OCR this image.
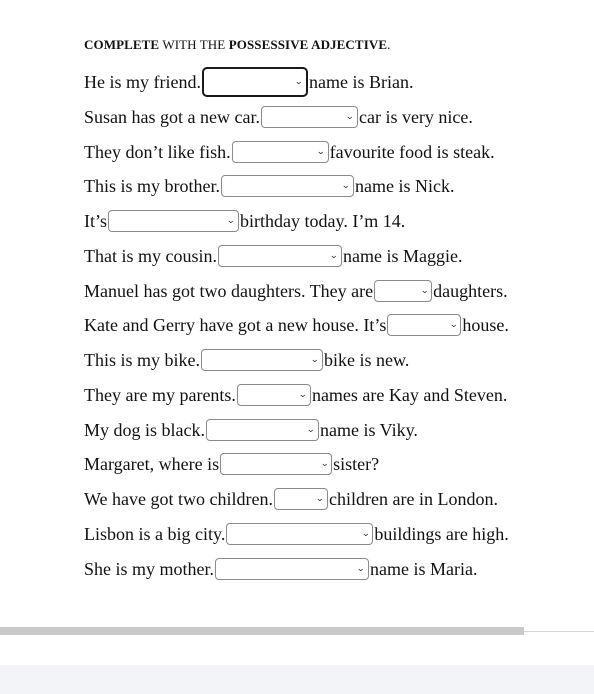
COMPLETE WITH THE POSSESSIVE ADJECTIVE.
He is my friend.	⌄ name is Brian.
Susan has got a new car.	⌄ car is very nice.
They don’t like fish.	⌄ favourite food is steak.
This is my brother.	⌄ name is Nick.
It’s	⌄ birthday today. I’m 14.
That is my cousin.	⌄ name is Maggie.
Manuel has got two daughters. They are	⌄ daughters.
Kate and Gerry have got a new house. It’s	⌄ house.
This is my bike.	⌄ bike is new.
They are my parents.	⌄ names are Kay and Steven.
My dog is black.	⌄ name is Viky.
Margaret, where is	⌄ sister?
We have got two children.	⌄ children are in London.
Lisbon is a big city.	⌄ buildings are high.
She is my mother.	⌄ name is Maria.
